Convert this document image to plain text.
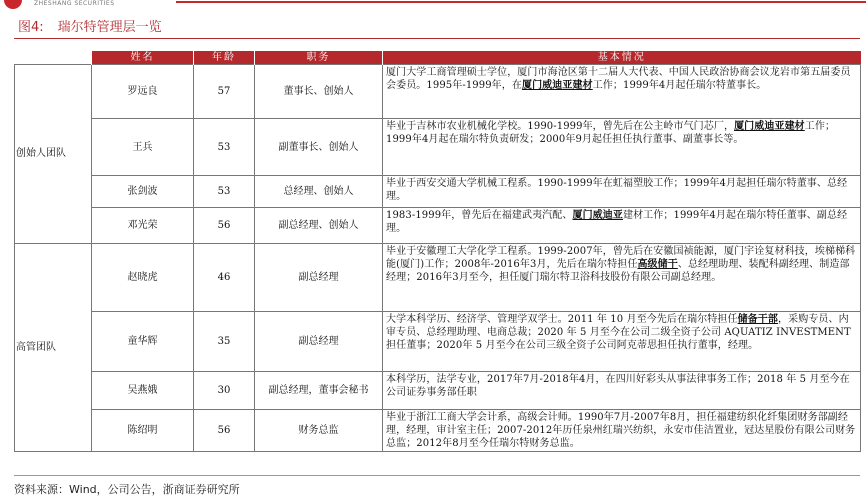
ZHESHANG SECURITIES
图4: 瑞尔特管理层一览
	姓名	年龄	职务	基本情况
创始人团队	罗远良	57	董事长、创始人	厦门大学工商管理硕士学位，厦门市海沧区第十二届人大代表、中国人民政治协商会议龙岩市第五届委员会委员。1995年-1999年，在厦门威迪亚建材工作；1999年4月起任瑞尔特董事长。
	王兵	53	副董事长、创始人	毕业于吉林市农业机械化学校。1990-1999年，曾先后在公主岭市气门芯厂，厦门威迪亚建材工作；1999年4月起在瑞尔特负责研发；2000年9月起任担任执行董事、副董事长等。
	张剑波	53	总经理、创始人	毕业于西安交通大学机械工程系。1990-1999年在虹福塑胶工作；1999年4月起担任瑞尔特董事、总经理。
	邓光荣	56	副总经理、创始人	1983-1999年，曾先后在福建武夷汽配、厦门威迪亚建材工作；1999年4月起在瑞尔特任董事、副总经理。
高管团队	赵晓虎	46	副总经理	毕业于安徽理工大学化学工程系。1999-2007年，曾先后在安徽国祯能源，厦门宇诠复材科技，埃梯梯科能(厦门)工作；2008年-2016年3月，先后在瑞尔特担任高级储干、总经理助理、装配科副经理、制造部经理；2016年3月至今，担任厦门瑞尔特卫浴科技股份有限公司副总经理。
	童华辉	35	副总经理	大学本科学历、经济学、管理学双学士。2011 年 10 月至今先后在瑞尔特担任储备干部，采购专员、内审专员、总经理助理、电商总裁；2020 年 5 月至今在公司二级全资子公司 AQUATIZ INVESTMENT担任董事；2020年 5 月至今在公司三级全资子公司阿克蒂思担任执行董事，经理。
	吴燕娥	30	副总经理，董事会秘书	本科学历，法学专业，2017年7月-2018年4月，在四川好彩头从事法律事务工作；2018 年 5 月至今在公司证券事务部任职
	陈绍明	56	财务总监	毕业于浙江工商大学会计系，高级会计师。1990年7月-2007年8月，担任福建纺织化纤集团财务部副经理，经理，审计室主任；2007-2012年历任泉州红瑞兴纺织，永安市佳洁置业，冠达星股份有限公司财务总监；2012年8月至今任瑞尔特财务总监。
资料来源：Wind，公司公告，浙商证券研究所
